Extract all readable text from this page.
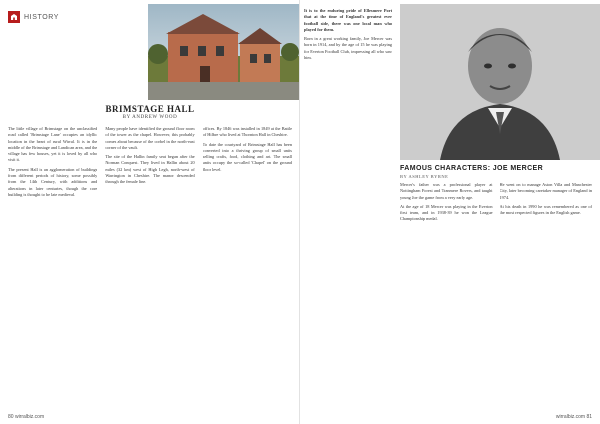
HISTORY
BRIMSTAGE HALL
BY ANDREW WOOD

The little village of Brimstage on the unclassified road called 'Brimstage Lane' occupies an idyllic location in the heart of rural Wirral. It is in the middle of the Brimstage and Landican area, and the village has few houses, yet it is loved by all who visit it.

The present Hall is an agglomeration of buildings from different periods of history, some possibly from the 14th Century, with additions and alterations in later centuries, though the core building is thought to be late medieval.

Many people have identified the ground floor room of the tower as the chapel. However, this probably comes about because of the corbel in the north-east corner of the vault.

The site of the Hallin family seat began after the Norman Conquest. They lived in Hallin about 20 miles (32 km) west of High Legh, north-west of Warrington in Cheshire. The manor descended through the female line.

offices. By 1846 was installed in 1849 at the Battle of Hilbre who lived at Thornton Hall in Cheshire.

To date the courtyard of Brimstage Hall has been converted into a thriving group of small units selling crafts, food, clothing and art. The small units occupy the so-called 'Chapel' on the ground floor level.

80 wirralbiz.com

It is to the enduring pride of Ellesmere Port that at the time of England's greatest ever football side, there was one local man who played for them.

Born in a great working family, Joe Mercer was born in 1914, and by the age of 15 he was playing for Everton Football Club, impressing all who saw him.

FAMOUS CHARACTERS: JOE MERCER
BY ASHLEY BYRNE

Mercer's father was a professional player at Nottingham Forest and Tranmere Rovers, and taught young Joe the game from a very early age.

At the age of 18 Mercer was playing in the Everton first team, and in 1938-39 he won the League Championship medal.

He went on to manage Aston Villa and Manchester City, later becoming caretaker manager of England in 1974.

At his death in 1990 he was remembered as one of the most respected figures in the English game.

wirralbiz.com 81
